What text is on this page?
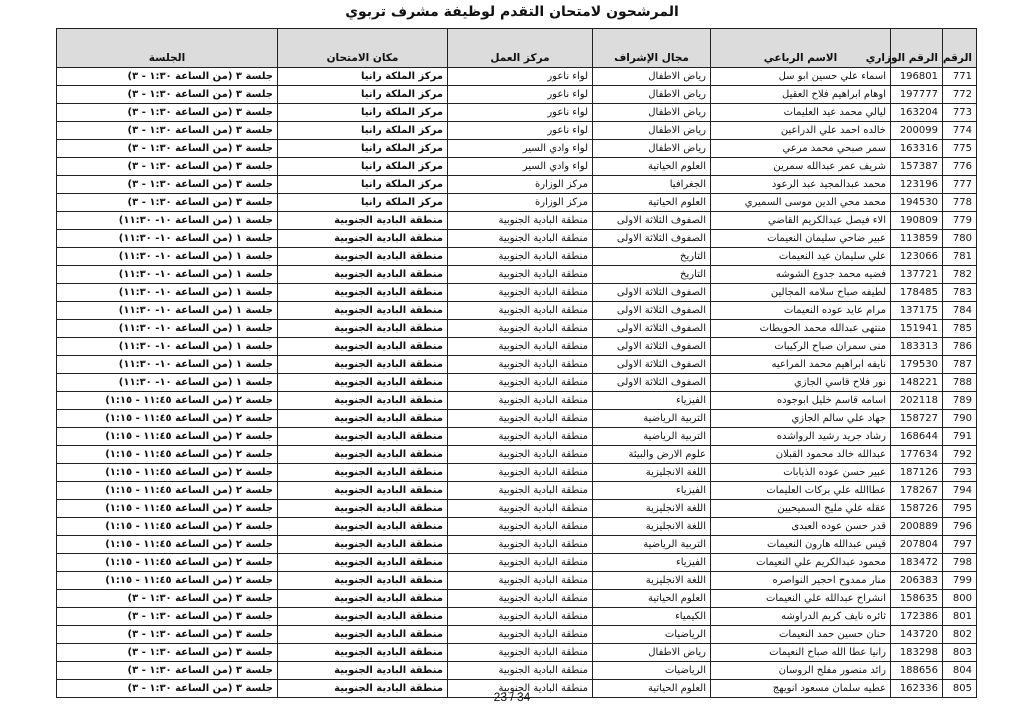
المرشحون لامتحان التقدم لوظيفة مشرف تربوي
الرقم	الرقم الوزاري	الاسم الرباعي	مجال الإشراف	مركز العمل	مكان الامتحان	الجلسة
771	196801	اسماء علي حسين ابو سل	رياض الاطفال	لواء ناعور	مركز الملكة رانيا	جلسة ٣ (من الساعة ١:٣٠ - ٣)
772	197777	اوهام ابراهيم فلاح العقيل	رياض الاطفال	لواء ناعور	مركز الملكة رانيا	جلسة ٣ (من الساعة ١:٣٠ - ٣)
773	163204	ليالي محمد عيد العليمات	رياض الاطفال	لواء ناعور	مركز الملكة رانيا	جلسة ٣ (من الساعة ١:٣٠ - ٣)
774	200099	خالده احمد علي الدراعين	رياض الاطفال	لواء ناعور	مركز الملكة رانيا	جلسة ٣ (من الساعة ١:٣٠ - ٣)
775	163316	سمر صبحي محمد مرعي	رياض الاطفال	لواء وادي السير	مركز الملكة رانيا	جلسة ٣ (من الساعة ١:٣٠ - ٣)
776	157387	شريف عمر عبدالله سمرين	العلوم الحياتية	لواء وادي السير	مركز الملكة رانيا	جلسة ٣ (من الساعة ١:٣٠ - ٣)
777	123196	محمد عبدالمجيد عبد الرعود	الجغرافيا	مركز الوزارة	مركز الملكة رانيا	جلسة ٣ (من الساعة ١:٣٠ - ٣)
778	194530	محمد محي الدين موسى السميري	العلوم الحياتية	مركز الوزارة	مركز الملكة رانيا	جلسة ٣ (من الساعة ١:٣٠ - ٣)
779	190809	الاء فيصل عبدالكريم القاضي	الصفوف الثلاثة الاولى	منطقة البادية الجنوبية	منطقة البادية الجنوبية	جلسة ١ (من الساعة ١٠- ١١:٣٠)
780	113859	عبير ضاحي سليمان النعيمات	الصفوف الثلاثة الاولى	منطقة البادية الجنوبية	منطقة البادية الجنوبية	جلسة ١ (من الساعة ١٠- ١١:٣٠)
781	123066	علي سليمان عيد النعيمات	التاريخ	منطقة البادية الجنوبية	منطقة البادية الجنوبية	جلسة ١ (من الساعة ١٠- ١١:٣٠)
782	137721	فضيه محمد جدوع الشوشه	التاريخ	منطقة البادية الجنوبية	منطقة البادية الجنوبية	جلسة ١ (من الساعة ١٠- ١١:٣٠)
783	178485	لطيفه صباح سلامه المجالين	الصفوف الثلاثة الاولى	منطقة البادية الجنوبية	منطقة البادية الجنوبية	جلسة ١ (من الساعة ١٠- ١١:٣٠)
784	137175	مرام عايد عوده النعيمات	الصفوف الثلاثة الاولى	منطقة البادية الجنوبية	منطقة البادية الجنوبية	جلسة ١ (من الساعة ١٠- ١١:٣٠)
785	151941	منتهى عبدالله محمد الحويطات	الصفوف الثلاثة الاولى	منطقة البادية الجنوبية	منطقة البادية الجنوبية	جلسة ١ (من الساعة ١٠- ١١:٣٠)
786	183313	منى سمران صباح الركيبات	الصفوف الثلاثة الاولى	منطقة البادية الجنوبية	منطقة البادية الجنوبية	جلسة ١ (من الساعة ١٠- ١١:٣٠)
787	179530	نايفه ابراهيم محمد المراعيه	الصفوف الثلاثة الاولى	منطقة البادية الجنوبية	منطقة البادية الجنوبية	جلسة ١ (من الساعة ١٠- ١١:٣٠)
788	148221	نور فلاح قاسي الجازي	الصفوف الثلاثة الاولى	منطقة البادية الجنوبية	منطقة البادية الجنوبية	جلسة ١ (من الساعة ١٠- ١١:٣٠)
789	202118	اسامه قاسم خليل ابوجوده	الفيزياء	منطقة البادية الجنوبية	منطقة البادية الجنوبية	جلسة ٢ (من الساعة ١١:٤٥ - ١:١٥)
790	158727	جهاد علي سالم الجازي	التربية الرياضية	منطقة البادية الجنوبية	منطقة البادية الجنوبية	جلسة ٢ (من الساعة ١١:٤٥ - ١:١٥)
791	168644	رشاد جريد رشيد الرواشده	التربية الرياضية	منطقة البادية الجنوبية	منطقة البادية الجنوبية	جلسة ٢ (من الساعة ١١:٤٥ - ١:١٥)
792	177634	عبدالله خالد محمود القبلان	علوم الارض والبيئة	منطقة البادية الجنوبية	منطقة البادية الجنوبية	جلسة ٢ (من الساعة ١١:٤٥ - ١:١٥)
793	187126	عبير حسن عوده الذيابات	اللغة الانجليزية	منطقة البادية الجنوبية	منطقة البادية الجنوبية	جلسة ٢ (من الساعة ١١:٤٥ - ١:١٥)
794	178267	عطاالله علي بركات العليمات	الفيزياء	منطقة البادية الجنوبية	منطقة البادية الجنوبية	جلسة ٢ (من الساعة ١١:٤٥ - ١:١٥)
795	158726	عقله علي مليح السميحيين	اللغة الانجليزية	منطقة البادية الجنوبية	منطقة البادية الجنوبية	جلسة ٢ (من الساعة ١١:٤٥ - ١:١٥)
796	200889	قدر حسن عوده العبدى	اللغة الانجليزية	منطقة البادية الجنوبية	منطقة البادية الجنوبية	جلسة ٢ (من الساعة ١١:٤٥ - ١:١٥)
797	207804	قيس عبدالله هارون النعيمات	التربية الرياضية	منطقة البادية الجنوبية	منطقة البادية الجنوبية	جلسة ٢ (من الساعة ١١:٤٥ - ١:١٥)
798	183472	محمود عبدالكريم علي النعيمات	الفيزياء	منطقة البادية الجنوبية	منطقة البادية الجنوبية	جلسة ٢ (من الساعة ١١:٤٥ - ١:١٥)
799	206383	منار ممدوح احجير النواصره	اللغة الانجليزية	منطقة البادية الجنوبية	منطقة البادية الجنوبية	جلسة ٢ (من الساعة ١١:٤٥ - ١:١٥)
800	158635	انشراح عبدالله علي النعيمات	العلوم الحياتية	منطقة البادية الجنوبية	منطقة البادية الجنوبية	جلسة ٣ (من الساعة ١:٣٠ - ٣)
801	172386	ثائره نايف كريم الدراوشه	الكيمياء	منطقة البادية الجنوبية	منطقة البادية الجنوبية	جلسة ٣ (من الساعة ١:٣٠ - ٣)
802	143720	حنان حسين حمد النعيمات	الرياضيات	منطقة البادية الجنوبية	منطقة البادية الجنوبية	جلسة ٣ (من الساعة ١:٣٠ - ٣)
803	183298	رانيا عطا الله صباح النعيمات	رياض الاطفال	منطقة البادية الجنوبية	منطقة البادية الجنوبية	جلسة ٣ (من الساعة ١:٣٠ - ٣)
804	188656	رائد منصور مفلح الروسان	الرياضيات	منطقة البادية الجنوبية	منطقة البادية الجنوبية	جلسة ٣ (من الساعة ١:٣٠ - ٣)
805	162336	عطيه سلمان مسعود انويهج	العلوم الحياتية	منطقة البادية الجنوبية	منطقة البادية الجنوبية	جلسة ٣ (من الساعة ١:٣٠ - ٣)
23 / 34
